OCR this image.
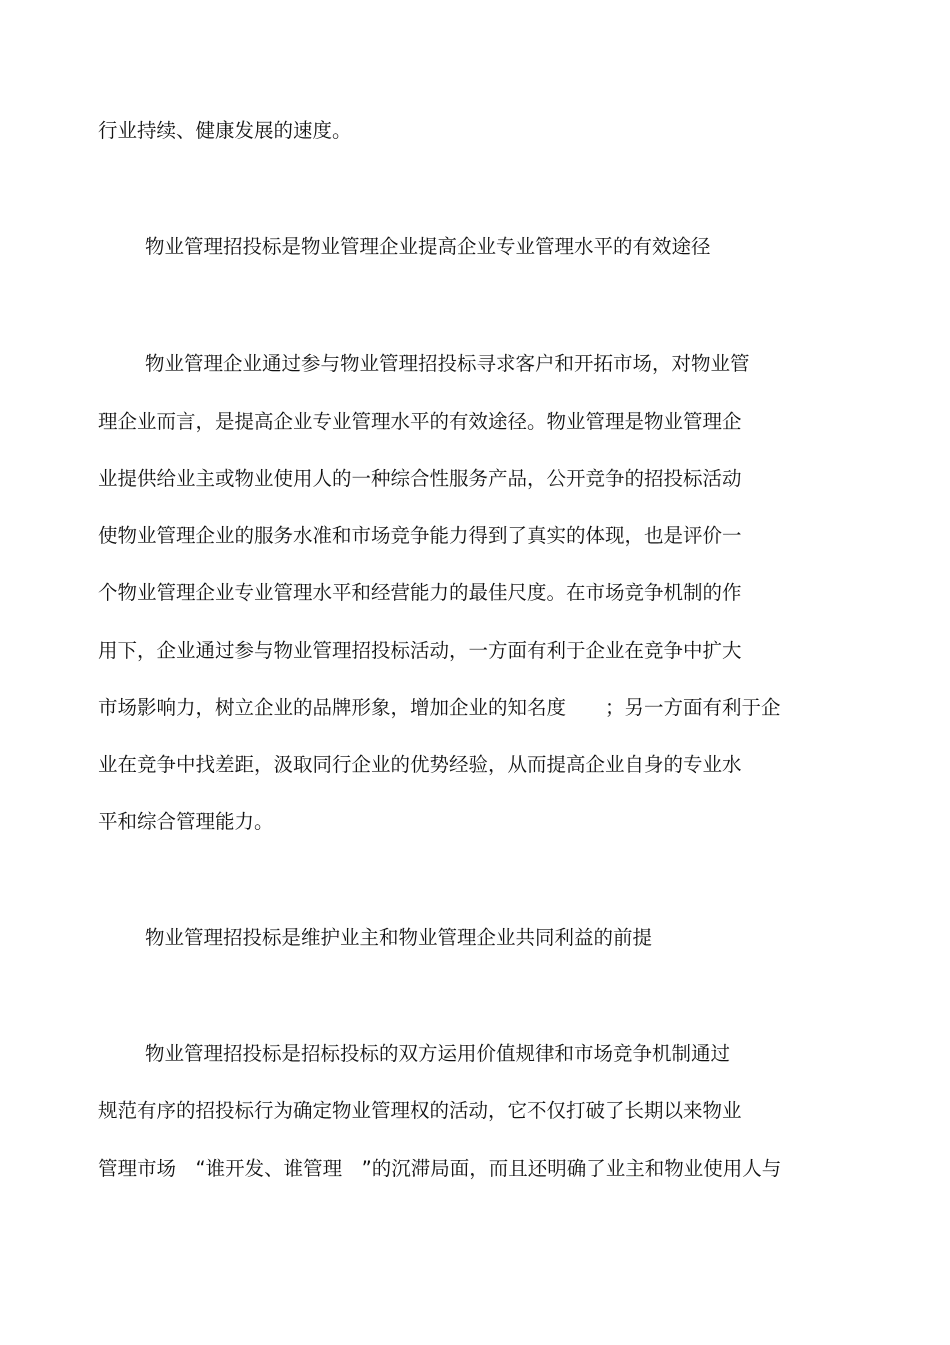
行业持续、健康发展的速度。
物业管理招投标是物业管理企业提高企业专业管理水平的有效途径
物业管理企业通过参与物业管理招投标寻求客户和开拓市场，对物业管
理企业而言，是提高企业专业管理水平的有效途径。物业管理是物业管理企
业提供给业主或物业使用人的一种综合性服务产品，公开竞争的招投标活动
使物业管理企业的服务水准和市场竞争能力得到了真实的体现，也是评价一
个物业管理企业专业管理水平和经营能力的最佳尺度。在市场竞争机制的作
用下，企业通过参与物业管理招投标活动，一方面有利于企业在竞争中扩大
市场影响力，树立企业的品牌形象，增加企业的知名度　　；另一方面有利于企
业在竞争中找差距，汲取同行企业的优势经验，从而提高企业自身的专业水
平和综合管理能力。
物业管理招投标是维护业主和物业管理企业共同利益的前提
物业管理招投标是招标投标的双方运用价值规律和市场竞争机制通过
规范有序的招投标行为确定物业管理权的活动，它不仅打破了长期以来物业
管理市场　“谁开发、谁管理　”的沉滞局面，而且还明确了业主和物业使用人与
